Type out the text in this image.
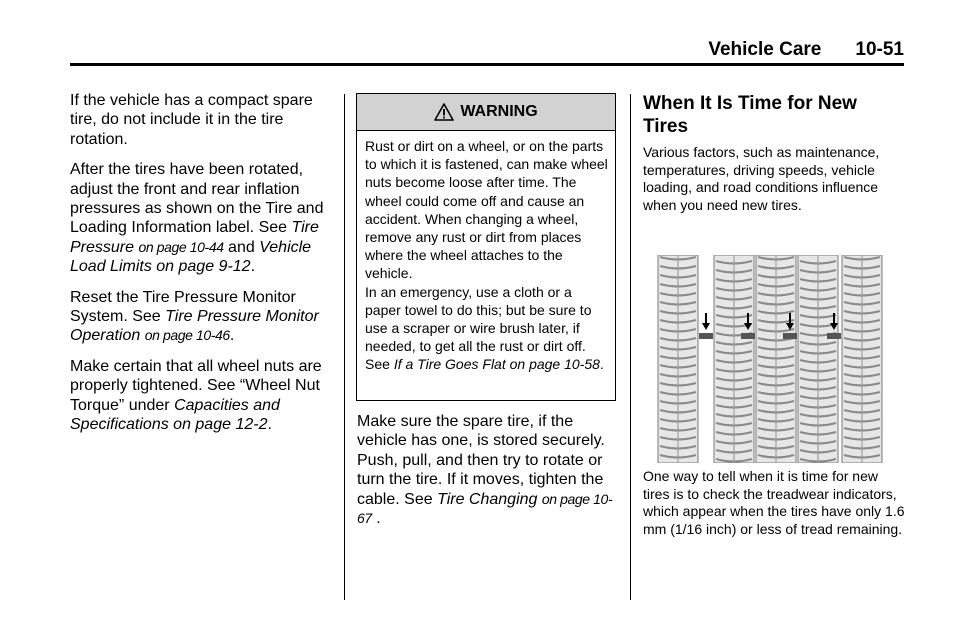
Vehicle Care 10-51

If the vehicle has a compact spare tire, do not include it in the tire rotation.

After the tires have been rotated, adjust the front and rear inflation pressures as shown on the Tire and Loading Information label. See Tire Pressure on page 10-44 and Vehicle Load Limits on page 9-12.

Reset the Tire Pressure Monitor System. See Tire Pressure Monitor Operation on page 10-46.

Make certain that all wheel nuts are properly tightened. See “Wheel Nut Torque” under Capacities and Specifications on page 12-2.

WARNING

Rust or dirt on a wheel, or on the parts to which it is fastened, can make wheel nuts become loose after time. The wheel could come off and cause an accident. When changing a wheel, remove any rust or dirt from places where the wheel attaches to the vehicle.

In an emergency, use a cloth or a paper towel to do this; but be sure to use a scraper or wire brush later, if needed, to get all the rust or dirt off. See If a Tire Goes Flat on page 10-58.

Make sure the spare tire, if the vehicle has one, is stored securely. Push, pull, and then try to rotate or turn the tire. If it moves, tighten the cable. See Tire Changing on page 10-67 .

When It Is Time for New Tires

Various factors, such as maintenance, temperatures, driving speeds, vehicle loading, and road conditions influence when you need new tires.

One way to tell when it is time for new tires is to check the treadwear indicators, which appear when the tires have only 1.6 mm (1/16 inch) or less of tread remaining.
